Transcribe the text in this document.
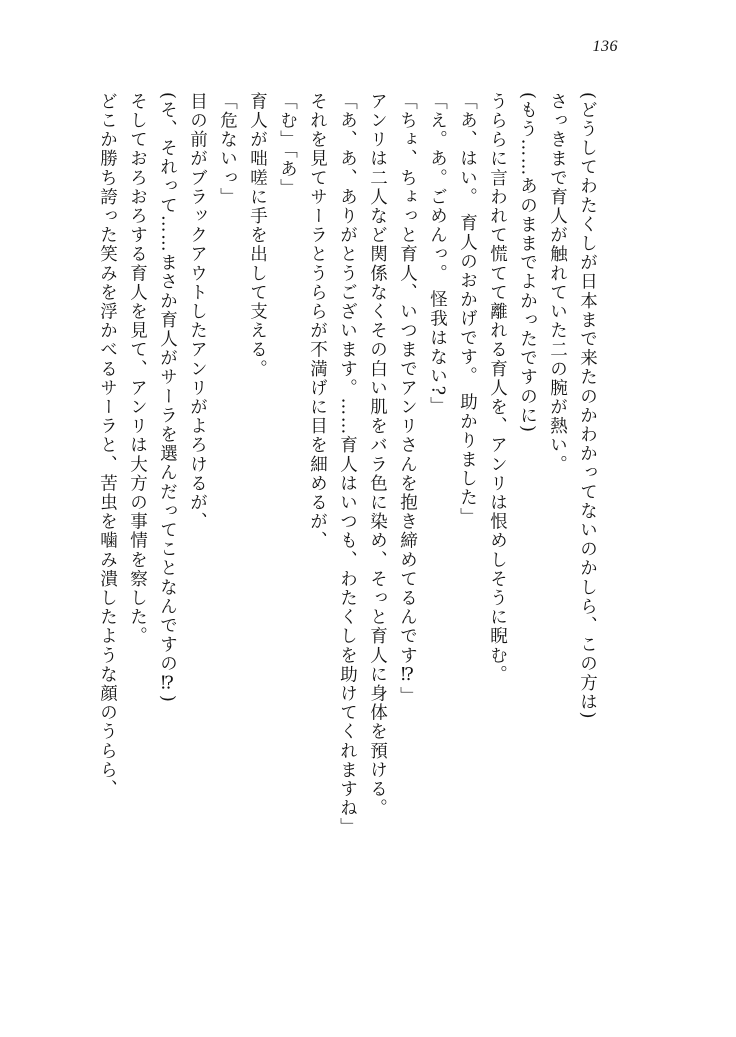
136
どこか勝ち誇った笑みを浮かべるサーラと、苦虫を噛み潰したような顔のうらら、 そしておろおろする育人を見て、アンリは大方の事情を察した。 (そ、それって……まさか育人がサーラを選んだってことなんですの⁉) 目の前がブラックアウトしたアンリがよろけるが、 「危ないっ」 育人が咄嗟に手を出して支える。 「む」「あ」 それを見てサーラとうららが不満げに目を細めるが、 「あ、あ、ありがとうございます。……育人はいつも、わたくしを助けてくれますね」 アンリは二人など関係なくその白い肌をバラ色に染め、そっと育人に身体を預ける。 「ちょ、ちょっと育人、いつまでアンリさんを抱き締めてるんです⁉」 「え。あ。ごめんっ。 怪我はない?」 「あ、はい。 育人のおかげです。 助かりました」 うららに言われて慌てて離れる育人を、アンリは恨めしそうに睨む。 (もう……あのままでよかったですのに) さっきまで育人が触れていた二の腕が熱い。 (どうしてわたくしが日本まで来たのかわかってないのかしら、この方は)
